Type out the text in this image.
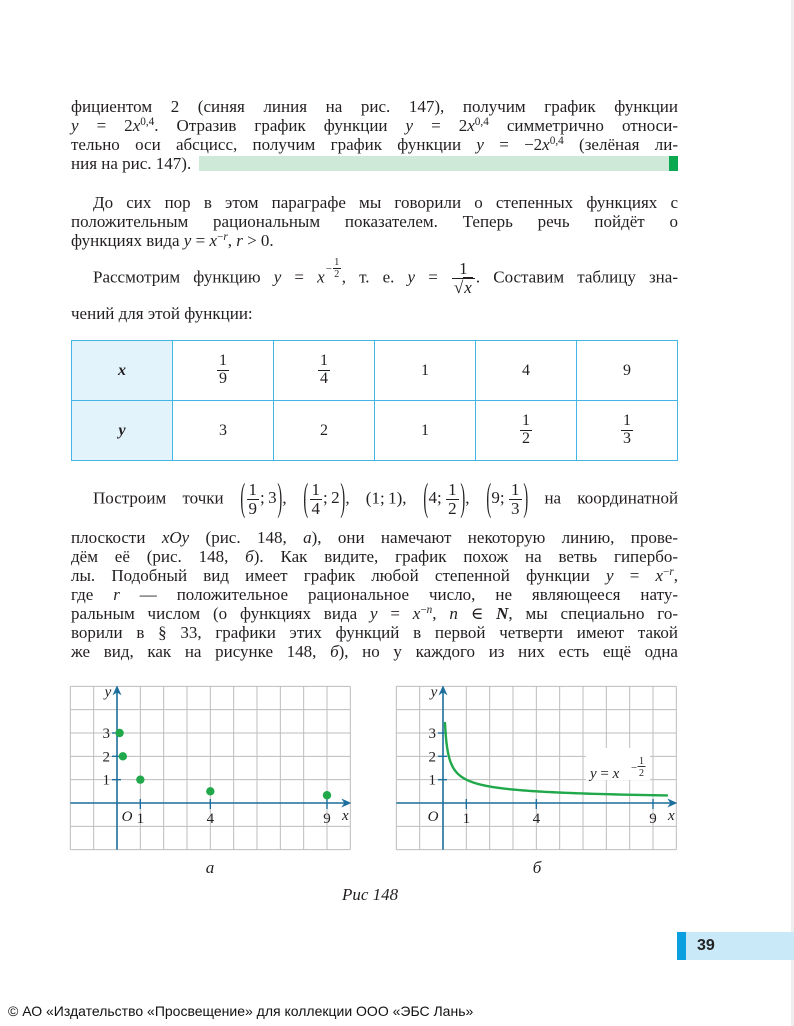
фициентом 2 (синяя линия на рис. 147), получим график функции
$y = 2x^{0,4}$. Отразив график функции $y = 2x^{0,4}$ симметрично относи-
тельно оси абсцисс, получим график функции $y = -2x^{0,4}$ (зелёная ли-
ния на рис. 147).
До сих пор в этом параграфе мы говорили о степенных функциях с
положительным рациональным показателем. Теперь речь пойдёт о
функциях вида $y = x^{-r}$, r > 0.
Рассмотрим функцию y = x −
1
2 , т. е. $y = \frac{1}{√x}$ . Составим таблицу зна-
чений для этой функции:
x	$\frac{1}{9}$	$\frac{1}{4}$	1	4	9
y	3	2	1	$\frac{1}{2}$	$\frac{1}{3}$
Построим точки ( $\frac{1}{9}$ ; 3), ( $\frac{1}{4}$ ; 2), (1; 1), (4;  $\frac{1}{2}$ ), (9;  $\frac{1}{3}$ ) на координатной
плоскости xOy (рис. 148, а), они намечают некоторую линию, прове-
дём её (рис. 148, б). Как видите, график похож на ветвь гипербо-
лы. Подобный вид имеет график любой степенной функции $y = x^{-r}$,
где r — положительное рациональное число, не являющееся нату-
ральным числом (о функциях вида $y = x^{-n}$, n ∈ N, мы специально го-
ворили в § 33, графики этих функций в первой четверти имеют такой
же вид, как на рисунке 148, б), но у каждого из них есть ещё одна
1	4	9
1
2
3
y
x
O	1	4	9
1
2
3
y
x
O
y = x −
1
2
а	б
Рис 148
39
© АО «Издательство «Просвещение» для коллекции ООО «ЭБС Лань»
